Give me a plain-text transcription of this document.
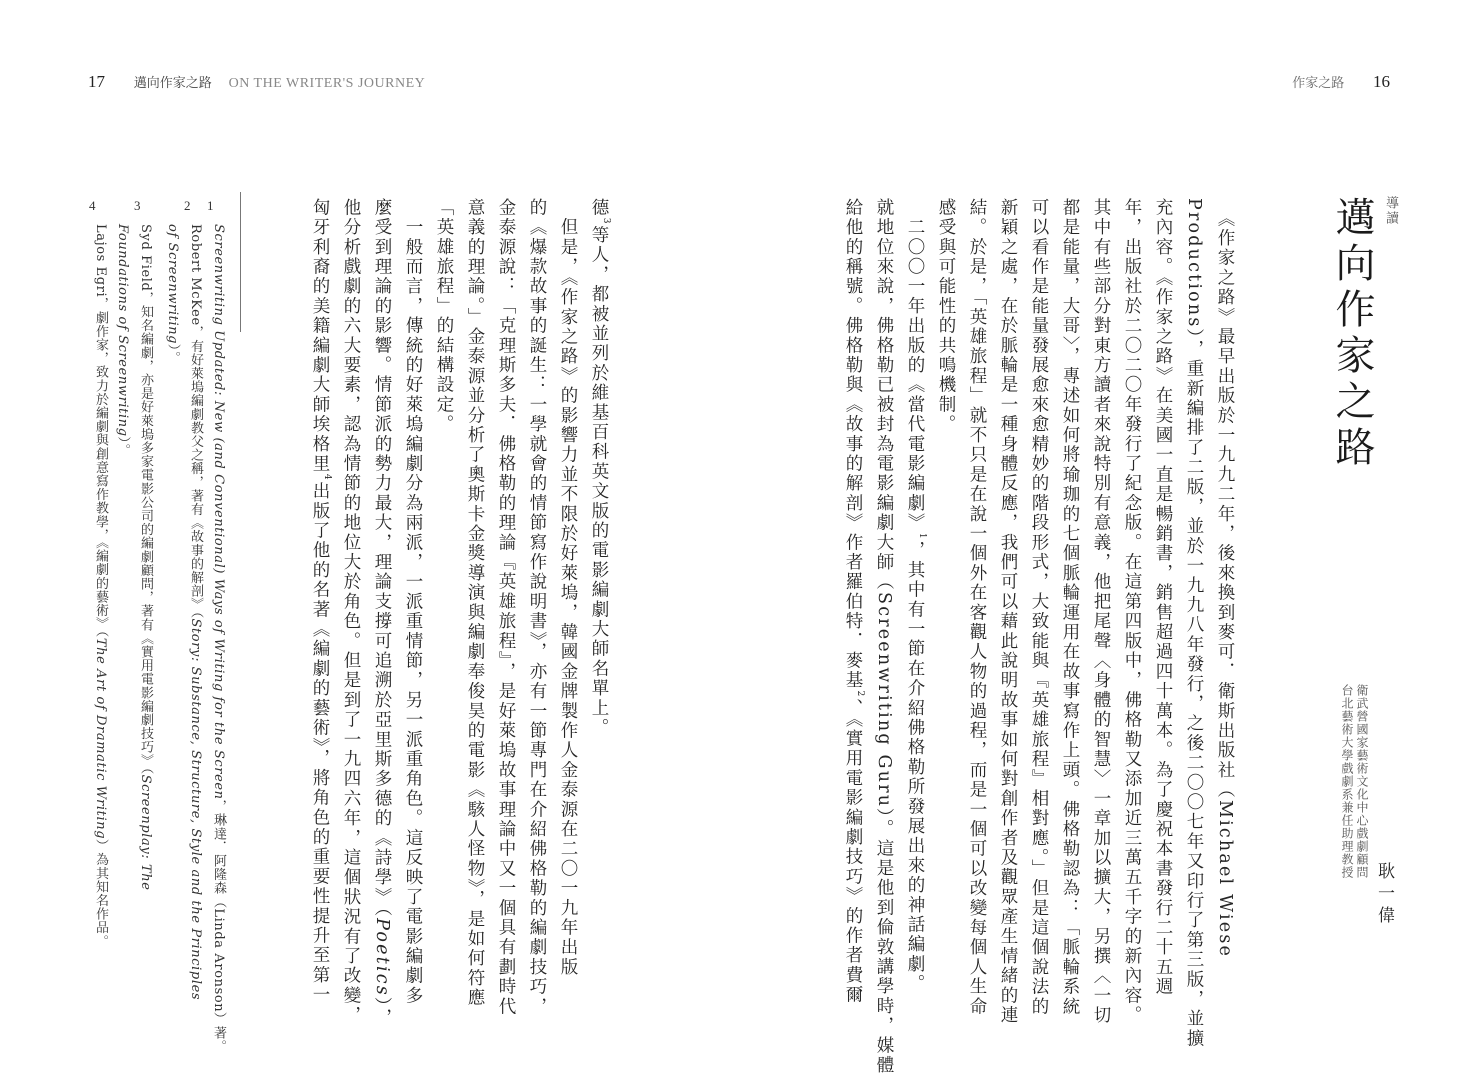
17 邁向作家之路 ON THE WRITER'S JOURNEY	作家之路 16
導讀
邁向作家之路
衛武營國家藝術文化中心戲劇顧問
台北藝術大學戲劇系兼任助理教授
耿一偉
　《作家之路》最早出版於一九九二年，後來換到麥可．衛斯出版社（Michael Wiese
Productions），重新編排了二版，並於一九九八年發行，之後二〇〇七年又印行了第三版，並擴
充內容。《作家之路》在美國一直是暢銷書，銷售超過四十萬本。為了慶祝本書發行二十五週
年，出版社於二〇二〇年發行了紀念版。在這第四版中，佛格勒又添加近三萬五千字的新內容。
其中有些部分對東方讀者來說特別有意義，他把尾聲〈身體的智慧〉一章加以擴大，另撰〈一切
都是能量，大哥〉，專述如何將瑜珈的七個脈輪運用在故事寫作上頭。佛格勒認為：「脈輪系統
可以看作是能量發展愈來愈精妙的階段形式，大致能與『英雄旅程』相對應。」但是這個說法的
新穎之處，在於脈輪是一種身體反應，我們可以藉此說明故事如何對創作者及觀眾產生情緒的連
結。於是，「英雄旅程」就不只是在說一個外在客觀人物的過程，而是一個可以改變每個人生命
感受與可能性的共鳴機制。
　二〇〇一年出版的《當代電影編劇》$^1$，其中有一節在介紹佛格勒所發展出來的神話編劇。
就地位來說，佛格勒已被封為電影編劇大師（Screenwriting Guru）。這是他到倫敦講學時，媒體
給他的稱號。佛格勒與《故事的解剖》作者羅伯特．麥基$^2$、《實用電影編劇技巧》的作者費爾
德$^3$等人，都被並列於維基百科英文版的電影編劇大師名單上。
　但是，《作家之路》的影響力並不限於好萊塢，韓國金牌製作人金泰源在二〇一九年出版
的《爆款故事的誕生：一學就會的情節寫作說明書》，亦有一節專門在介紹佛格勒的編劇技巧，
金泰源說：「克理斯多夫．佛格勒的理論『英雄旅程』，是好萊塢故事理論中又一個具有劃時代
意義的理論。」金泰源並分析了奧斯卡金獎導演與編劇奉俊昊的電影《駭人怪物》，是如何符應
「英雄旅程」的結構設定。
　一般而言，傳統的好萊塢編劇分為兩派，一派重情節，另一派重角色。這反映了電影編劇多
麼受到理論的影響。情節派的勢力最大，理論支撐可追溯於亞里斯多德的《詩學》（Poetics），
他分析戲劇的六大要素，認為情節的地位大於角色。但是到了一九四六年，這個狀況有了改變，
匈牙利裔的美籍編劇大師埃格里$^4$出版了他的名著《編劇的藝術》，將角色的重要性提升至第一
1
Screenwriting Updated: New (and Conventional) Ways of Writing for the Screen，琳達．阿隆森（Linda Aronson）著。
2
Robert McKee，有好萊塢編劇教父之稱，著有《故事的解剖》（Story: Substance, Structure, Style and the Principles
of Screenwriting）。
3
Syd Field，知名編劇，亦是好萊塢多家電影公司的編劇顧問，著有《實用電影編劇技巧》（Screenplay: The
Foundations of Screenwriting）。
4
Lajos Egri，劇作家，致力於編劇與創意寫作教學，《編劇的藝術》（The Art of Dramatic Writing）為其知名作品。
